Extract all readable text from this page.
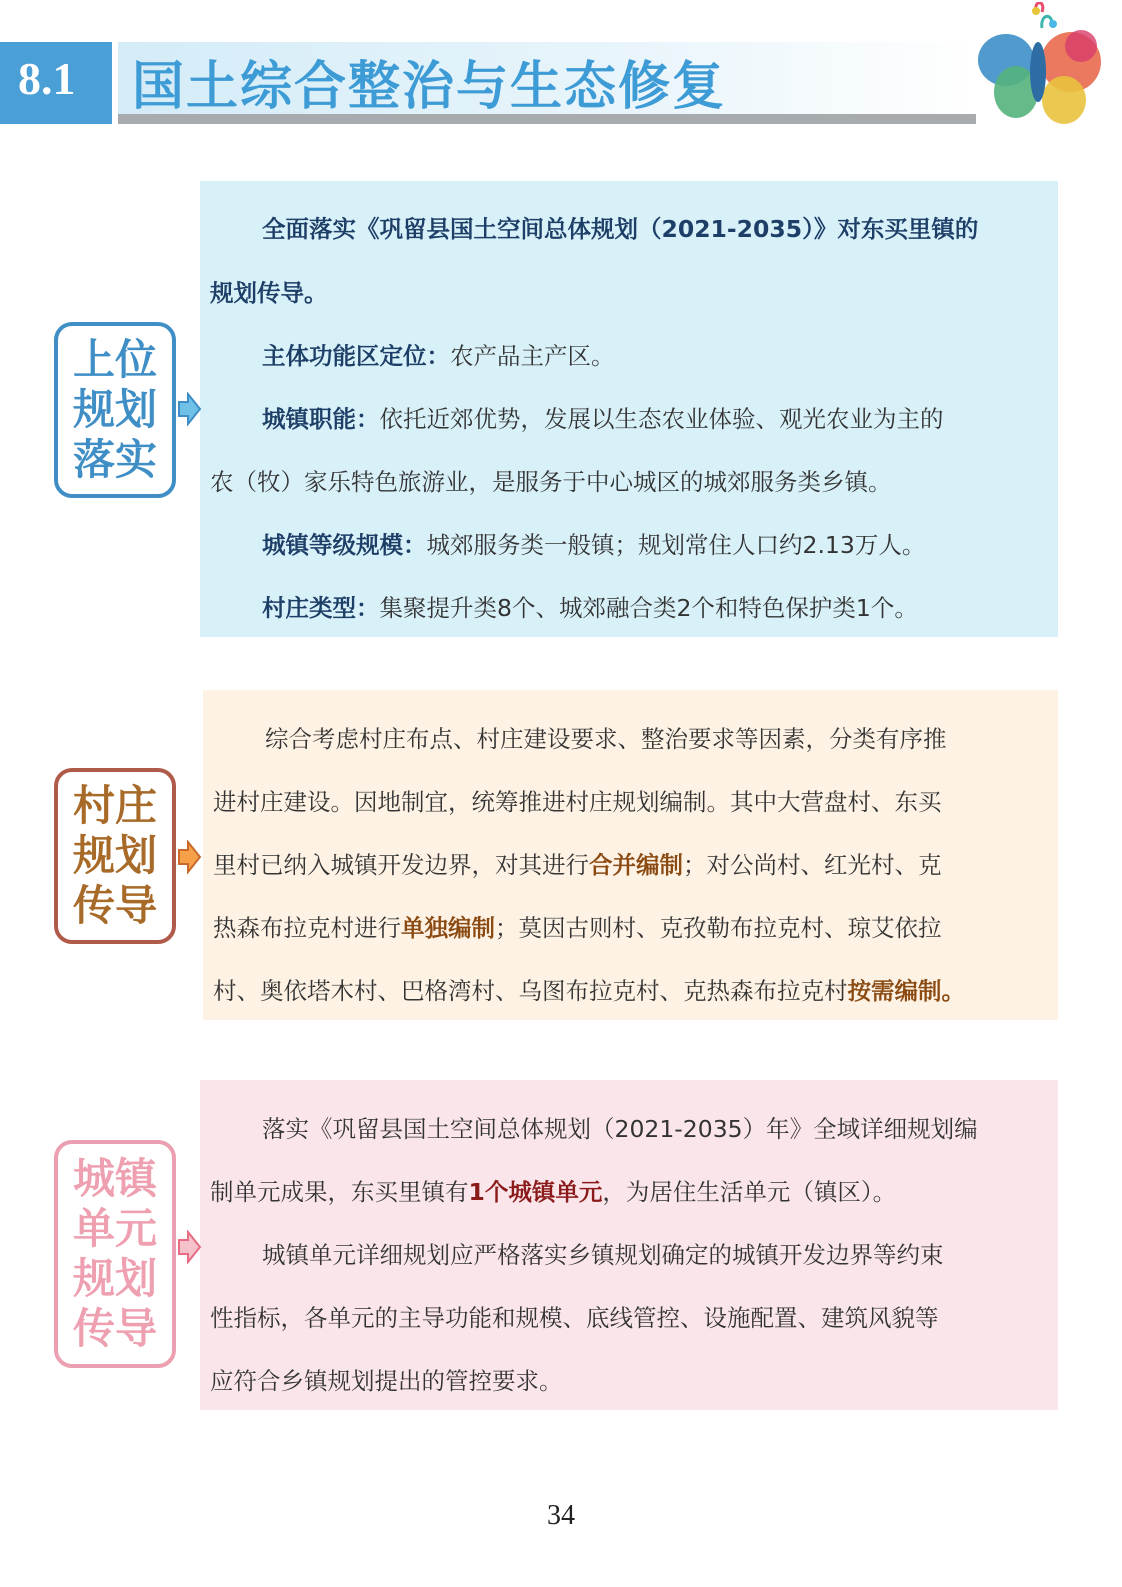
8.1 国土综合整治与生态修复
上位
规划
落实
全面落实《巩留县国土空间总体规划（2021-2035）》对东买里镇的
规划传导。
主体功能区定位：农产品主产区。
城镇职能：依托近郊优势，发展以生态农业体验、观光农业为主的
农（牧）家乐特色旅游业，是服务于中心城区的城郊服务类乡镇。
城镇等级规模：城郊服务类一般镇；规划常住人口约2.13万人。
村庄类型：集聚提升类8个、城郊融合类2个和特色保护类1个。
村庄
规划
传导
综合考虑村庄布点、村庄建设要求、整治要求等因素，分类有序推
进村庄建设。因地制宜，统筹推进村庄规划编制。其中大营盘村、东买
里村已纳入城镇开发边界，对其进行合并编制；对公尚村、红光村、克
热森布拉克村进行单独编制；莫因古则村、克孜勒布拉克村、琼艾依拉
村、奥依塔木村、巴格湾村、乌图布拉克村、克热森布拉克村按需编制。
城镇
单元
规划
传导
落实《巩留县国土空间总体规划（2021-2035）年》全域详细规划编
制单元成果，东买里镇有1个城镇单元，为居住生活单元（镇区）。
城镇单元详细规划应严格落实乡镇规划确定的城镇开发边界等约束
性指标，各单元的主导功能和规模、底线管控、设施配置、建筑风貌等
应符合乡镇规划提出的管控要求。
34
